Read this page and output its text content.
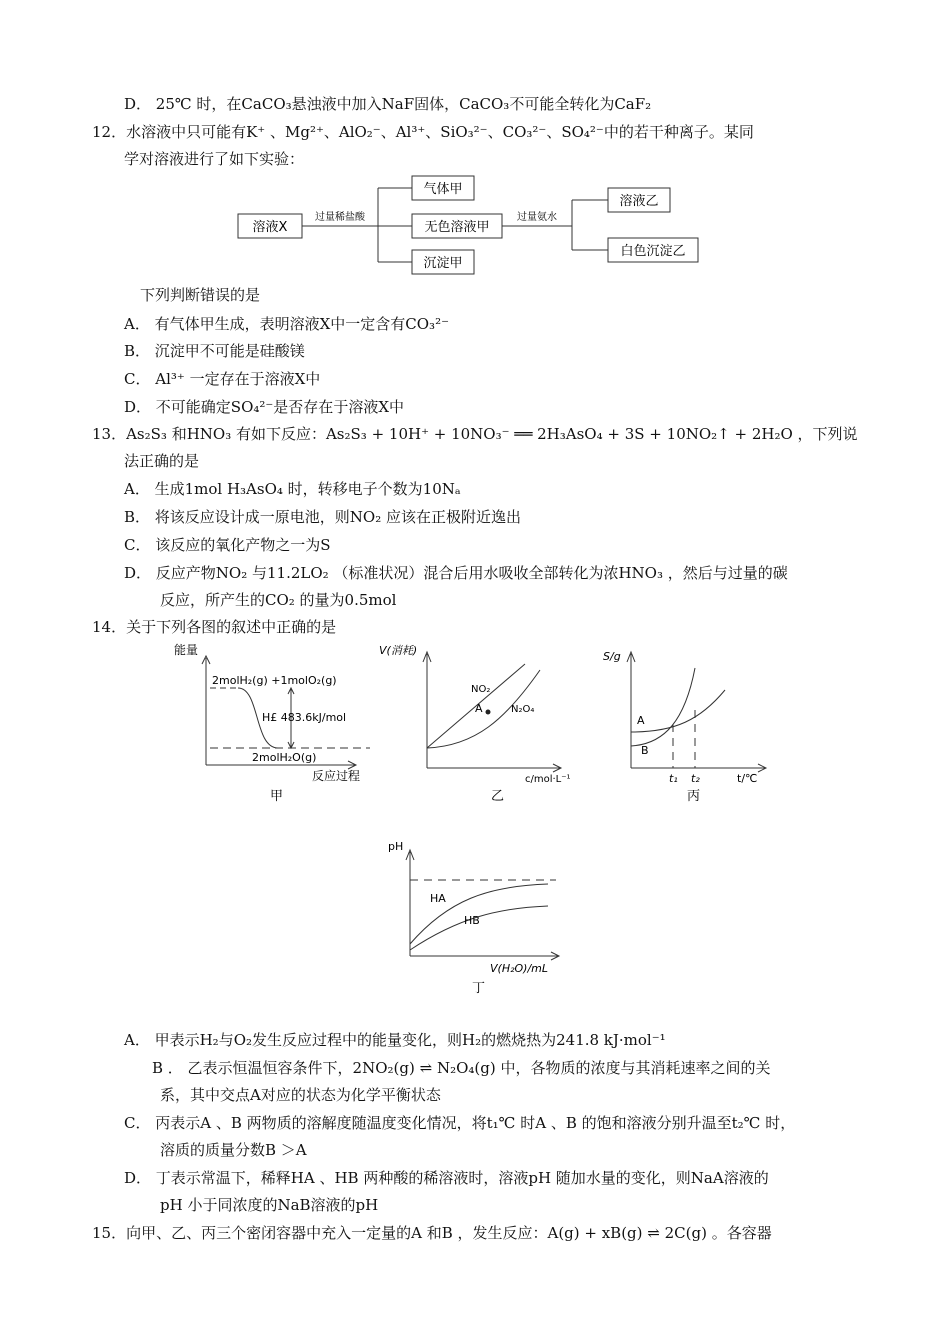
D． 25℃ 时，在CaCO₃悬浊液中加入NaF固体，CaCO₃不可能全转化为CaF₂
12．水溶液中只可能有K⁺ 、Mg²⁺、AlO₂⁻、Al³⁺、SiO₃²⁻、CO₃²⁻、SO₄²⁻中的若干种离子。某同
学对溶液进行了如下实验：
溶液X
过量稀盐酸
气体甲
无色溶液甲
沉淀甲
过量氨水
溶液乙
白色沉淀乙
下列判断错误的是
A． 有气体甲生成，表明溶液X中一定含有CO₃²⁻
B． 沉淀甲不可能是硅酸镁
C． Al³⁺ 一定存在于溶液X中
D． 不可能确定SO₄²⁻是否存在于溶液X中
13．As₂S₃ 和HNO₃ 有如下反应：As₂S₃ + 10H⁺ + 10NO₃⁻ ══ 2H₃AsO₄ + 3S + 10NO₂↑ + 2H₂O ，下列说
法正确的是
A． 生成1mol H₃AsO₄ 时，转移电子个数为10Nₐ
B． 将该反应设计成一原电池，则NO₂ 应该在正极附近逸出
C． 该反应的氧化产物之一为S
D． 反应产物NO₂ 与11.2LO₂ （标准状况）混合后用水吸收全部转化为浓HNO₃ ，然后与过量的碳
反应，所产生的CO₂ 的量为0.5mol
14．关于下列各图的叙述中正确的是
能量
2molH₂(g) +1molO₂(g)
H£ 483.6kJ/mol
2molH₂O(g)
反应过程
甲
V(消耗)
NO₂
A	N₂O₄
c/mol·L⁻¹
乙
S/g
A
B
t₁ t₂	t/℃
丙
pH
HA
HB
V(H₂O)/mL
丁
A． 甲表示H₂与O₂发生反应过程中的能量变化，则H₂的燃烧热为241.8 kJ·mol⁻¹
B ． 乙表示恒温恒容条件下，2NO₂(g) ⇌ N₂O₄(g) 中，各物质的浓度与其消耗速率之间的关
系，其中交点A对应的状态为化学平衡状态
C． 丙表示A 、B 两物质的溶解度随温度变化情况，将t₁℃ 时A 、B 的饱和溶液分别升温至t₂℃ 时，
溶质的质量分数B ＞A
D． 丁表示常温下，稀释HA 、HB 两种酸的稀溶液时，溶液pH 随加水量的变化，则NaA溶液的
pH 小于同浓度的NaB溶液的pH
15．向甲、乙、丙三个密闭容器中充入一定量的A 和B ，发生反应：A(g) + xB(g) ⇌ 2C(g) 。各容器
